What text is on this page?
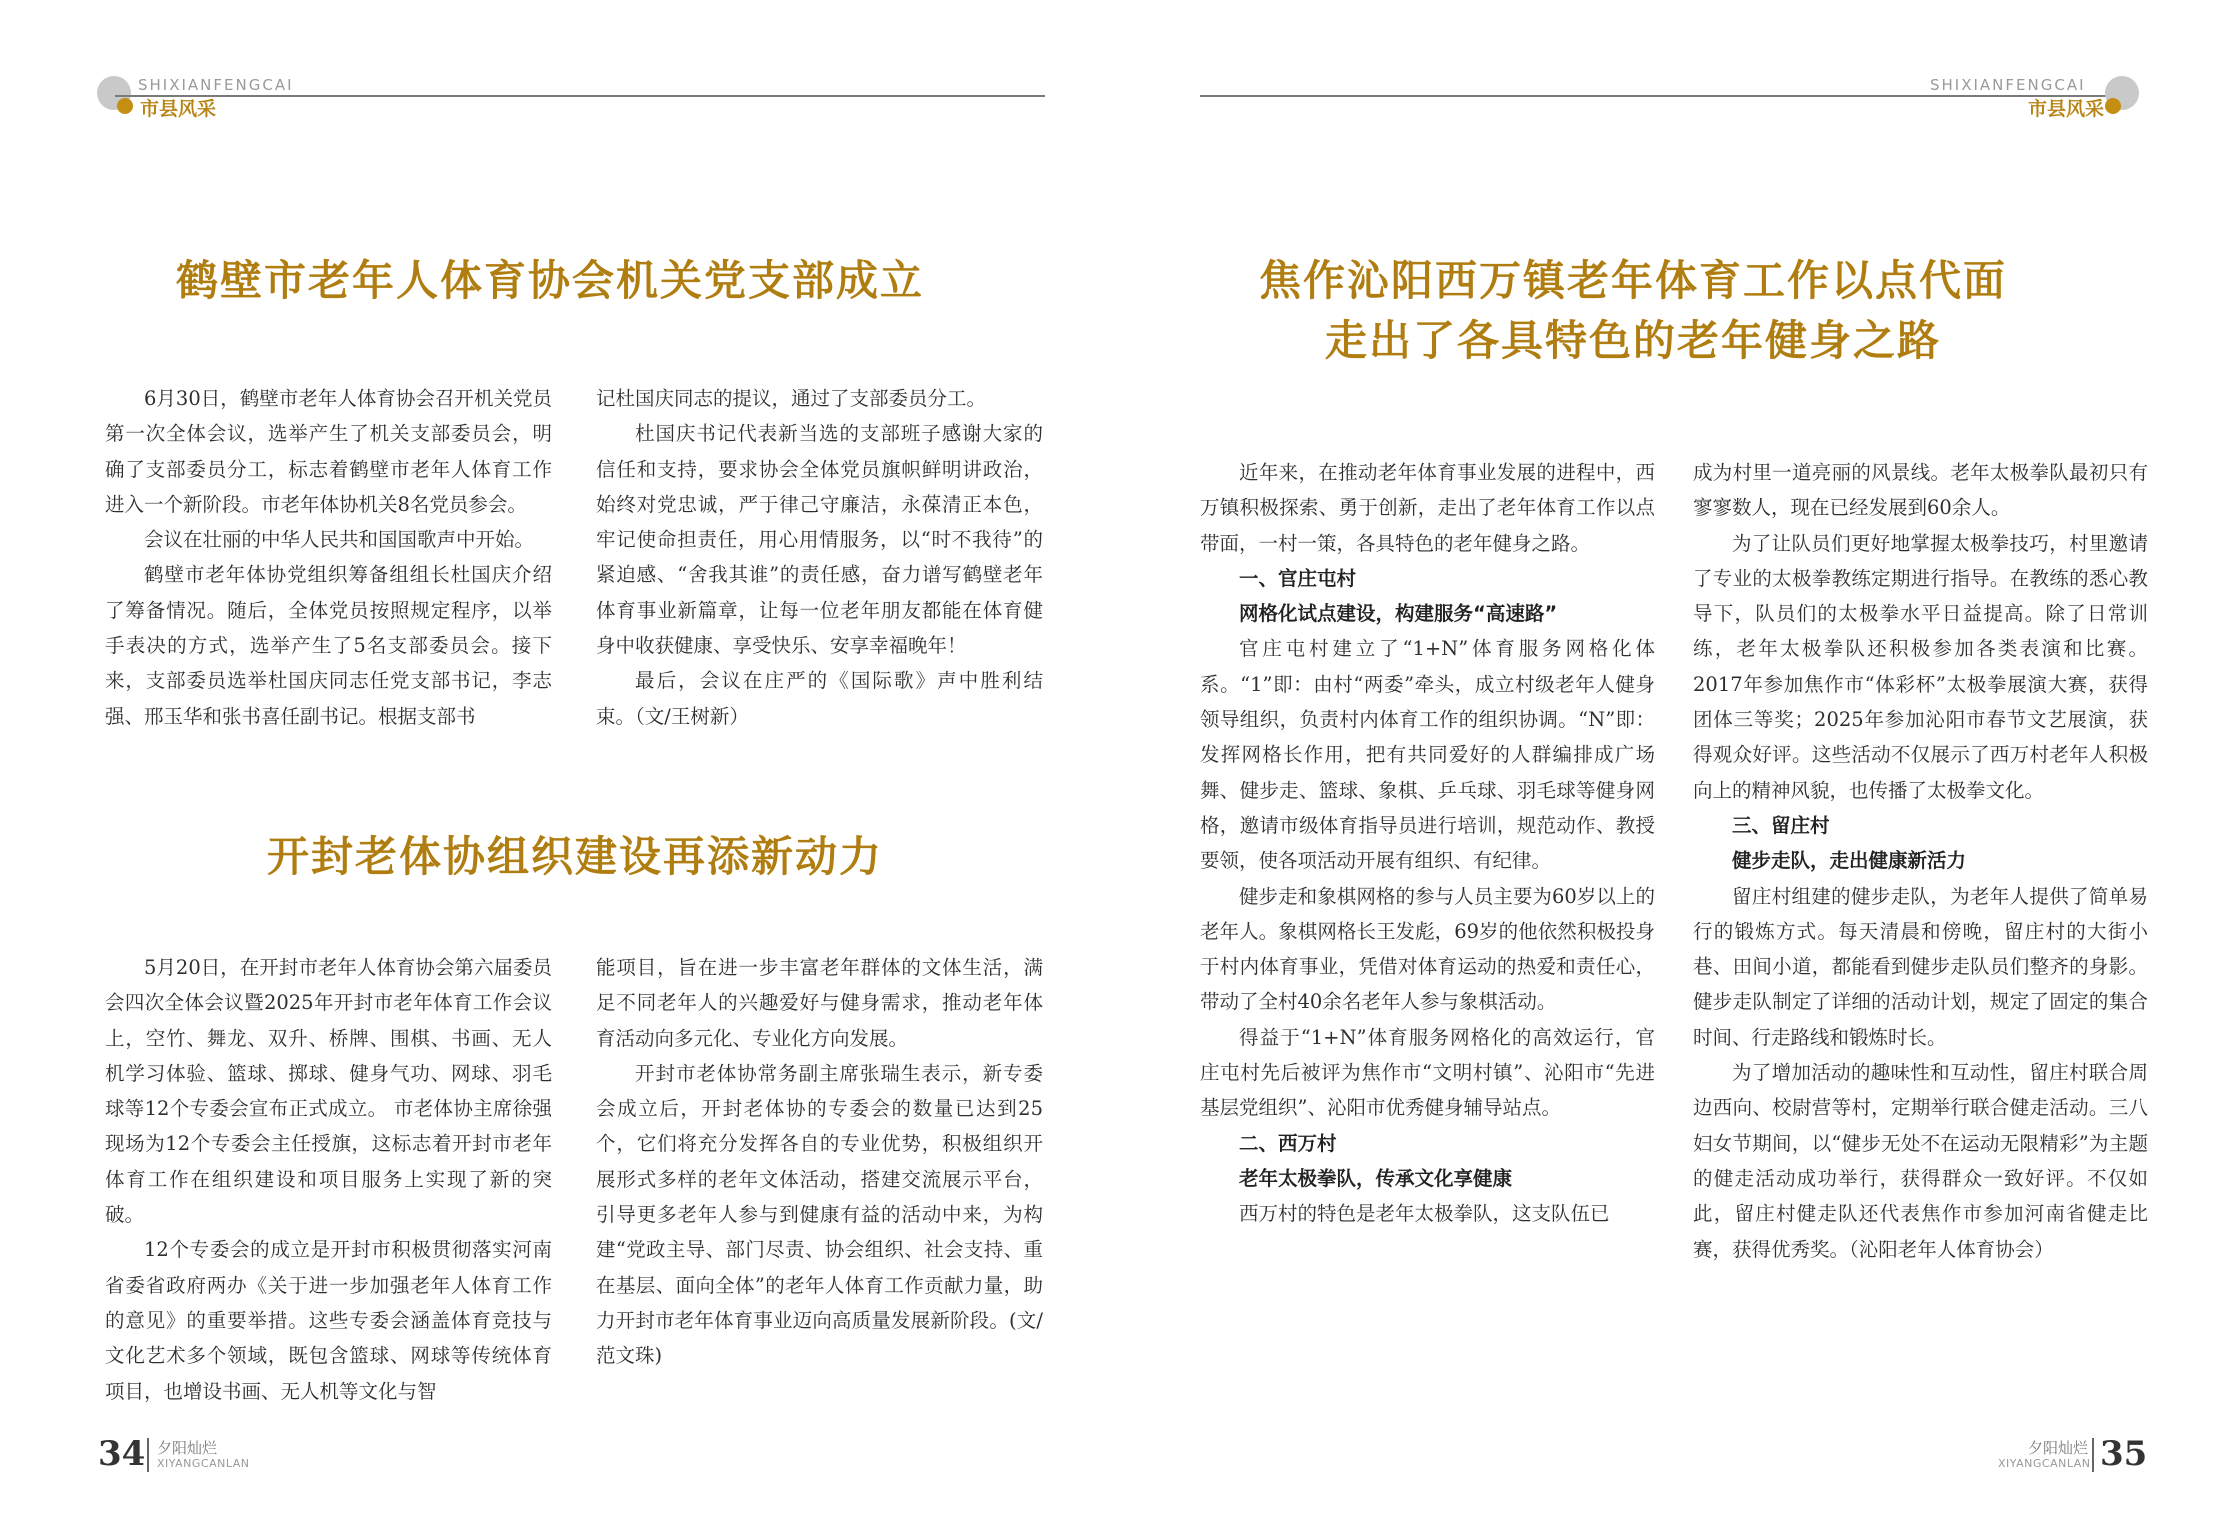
SHIXIANFENGCAI
市县风采
鹤壁市老年人体育协会机关党支部成立

6月30日，鹤壁市老年人体育协会召开机关党员第一次全体会议，选举产生了机关支部委员会，明确了支部委员分工，标志着鹤壁市老年人体育工作进入一个新阶段。市老年体协机关8名党员参会。

会议在壮丽的中华人民共和国国歌声中开始。

鹤壁市老年体协党组织筹备组组长杜国庆介绍了筹备情况。随后，全体党员按照规定程序，以举手表决的方式，选举产生了5名支部委员会。接下来，支部委员选举杜国庆同志任党支部书记，李志强、邢玉华和张书喜任副书记。根据支部书

记杜国庆同志的提议，通过了支部委员分工。

杜国庆书记代表新当选的支部班子感谢大家的信任和支持，要求协会全体党员旗帜鲜明讲政治，始终对党忠诚，严于律己守廉洁，永葆清正本色，牢记使命担责任，用心用情服务，以“时不我待”的紧迫感、“舍我其谁”的责任感，奋力谱写鹤壁老年体育事业新篇章，让每一位老年朋友都能在体育健身中收获健康、享受快乐、安享幸福晚年！

最后，会议在庄严的《国际歌》声中胜利结束。（文/王树新）

开封老体协组织建设再添新动力

5月20日，在开封市老年人体育协会第六届委员会四次全体会议暨2025年开封市老年体育工作会议上，空竹、舞龙、双升、桥牌、围棋、书画、无人机学习体验、篮球、掷球、健身气功、网球、羽毛球等12个专委会宣布正式成立。 市老体协主席徐强现场为12个专委会主任授旗，这标志着开封市老年体育工作在组织建设和项目服务上实现了新的突破。

12个专委会的成立是开封市积极贯彻落实河南省委省政府两办《关于进一步加强老年人体育工作的意见》的重要举措。这些专委会涵盖体育竞技与文化艺术多个领域，既包含篮球、网球等传统体育项目，也增设书画、无人机等文化与智

能项目，旨在进一步丰富老年群体的文体生活，满足不同老年人的兴趣爱好与健身需求，推动老年体育活动向多元化、专业化方向发展。

开封市老体协常务副主席张瑞生表示，新专委会成立后，开封老体协的专委会的数量已达到25个，它们将充分发挥各自的专业优势，积极组织开展形式多样的老年文体活动，搭建交流展示平台，引导更多老年人参与到健康有益的活动中来，为构建“党政主导、部门尽责、协会组织、社会支持、重在基层、面向全体”的老年人体育工作贡献力量，助力开封市老年体育事业迈向高质量发展新阶段。(文/范文珠)

34 夕阳灿烂
XIYANGCANLAN
SHIXIANFENGCAI
市县风采
焦作沁阳西万镇老年体育工作以点代面
走出了各具特色的老年健身之路

近年来，在推动老年体育事业发展的进程中，西万镇积极探索、勇于创新，走出了老年体育工作以点带面，一村一策，各具特色的老年健身之路。

一、官庄屯村

网格化试点建设，构建服务“高速路”

官庄屯村建立了“1+N”体育服务网格化体系。“1”即：由村“两委”牵头，成立村级老年人健身领导组织，负责村内体育工作的组织协调。“N”即：发挥网格长作用，把有共同爱好的人群编排成广场舞、健步走、篮球、象棋、乒乓球、羽毛球等健身网格，邀请市级体育指导员进行培训，规范动作、教授要领，使各项活动开展有组织、有纪律。

健步走和象棋网格的参与人员主要为60岁以上的老年人。象棋网格长王发彪，69岁的他依然积极投身于村内体育事业，凭借对体育运动的热爱和责任心，带动了全村40余名老年人参与象棋活动。

得益于“1+N”体育服务网格化的高效运行，官庄屯村先后被评为焦作市“文明村镇”、沁阳市“先进基层党组织”、沁阳市优秀健身辅导站点。

二、西万村

老年太极拳队，传承文化享健康

西万村的特色是老年太极拳队，这支队伍已

成为村里一道亮丽的风景线。老年太极拳队最初只有寥寥数人，现在已经发展到60余人。

为了让队员们更好地掌握太极拳技巧，村里邀请了专业的太极拳教练定期进行指导。在教练的悉心教导下，队员们的太极拳水平日益提高。除了日常训练，老年太极拳队还积极参加各类表演和比赛。2017年参加焦作市“体彩杯”太极拳展演大赛，获得团体三等奖；2025年参加沁阳市春节文艺展演，获得观众好评。这些活动不仅展示了西万村老年人积极向上的精神风貌，也传播了太极拳文化。

三、留庄村

健步走队，走出健康新活力

留庄村组建的健步走队，为老年人提供了简单易行的锻炼方式。每天清晨和傍晚，留庄村的大街小巷、田间小道，都能看到健步走队员们整齐的身影。健步走队制定了详细的活动计划，规定了固定的集合时间、行走路线和锻炼时长。

为了增加活动的趣味性和互动性，留庄村联合周边西向、校尉营等村，定期举行联合健走活动。三八妇女节期间，以“健步无处不在运动无限精彩”为主题的健走活动成功举行，获得群众一致好评。不仅如此，留庄村健走队还代表焦作市参加河南省健走比赛，获得优秀奖。（沁阳老年人体育协会）

夕阳灿烂
XIYANGCANLAN 35
